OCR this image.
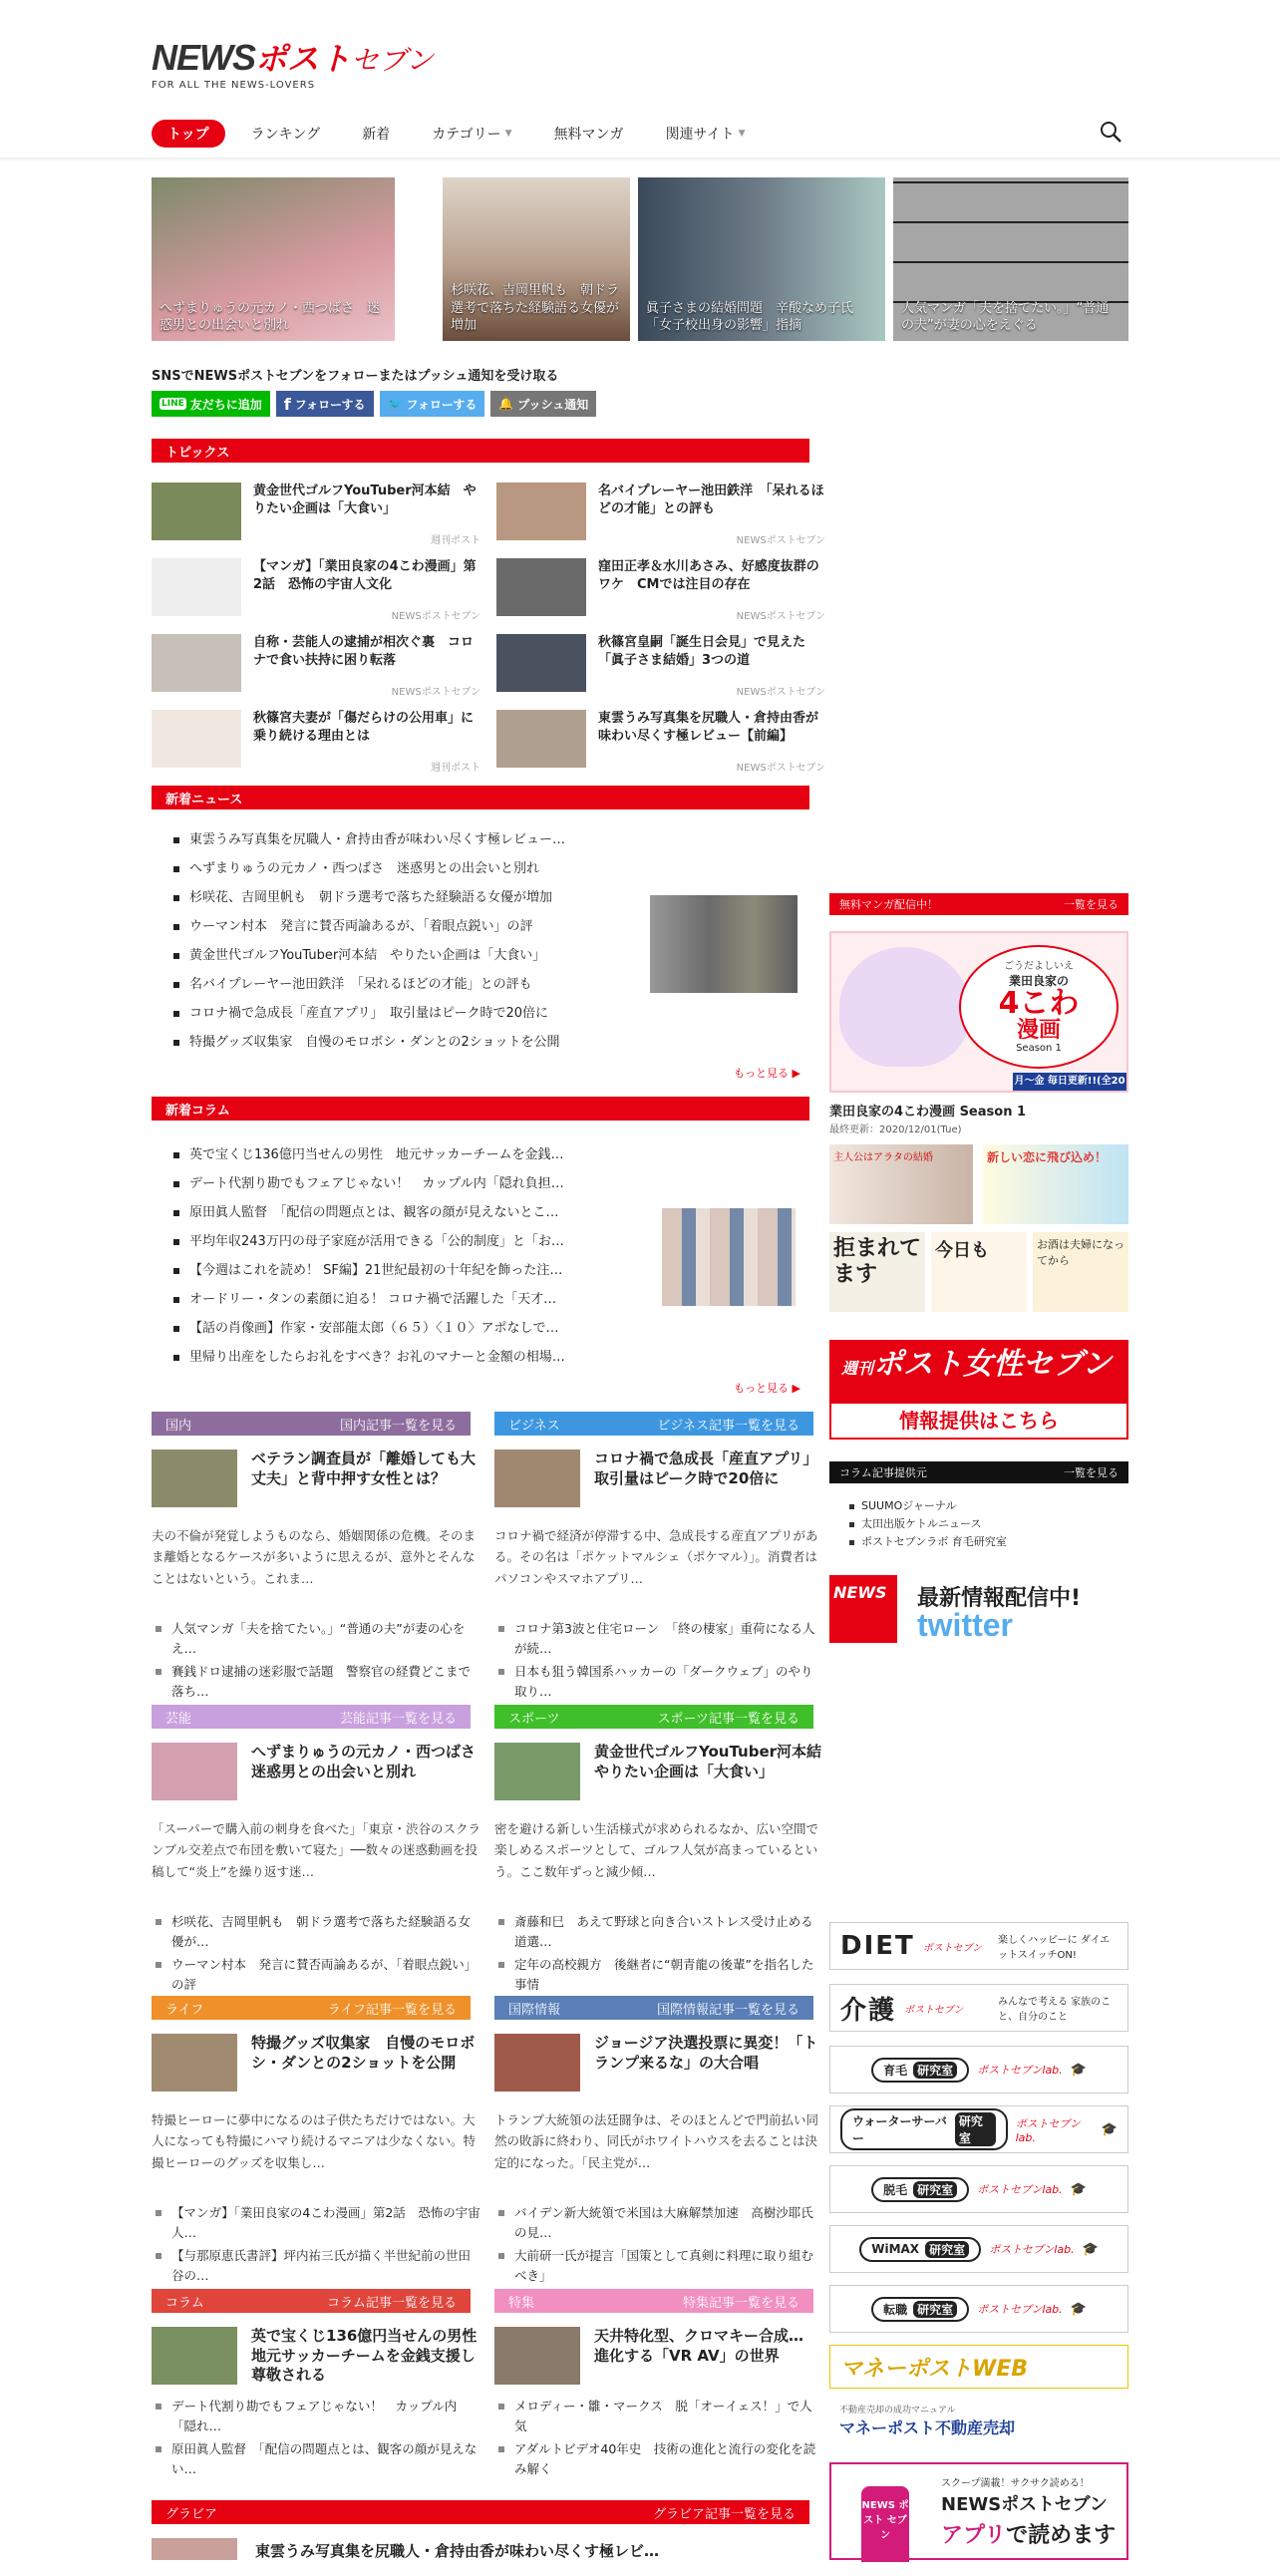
NEWSポストセブン
FOR ALL THE NEWS-LOVERS
トップ	ランキング	新着	カテゴリー ▼	無料マンガ	関連サイト ▼
へずまりゅうの元カノ・西つばさ　迷惑男との出会いと別れ
杉咲花、吉岡里帆も　朝ドラ選考で落ちた経験語る女優が増加
眞子さまの結婚問題　辛酸なめ子氏「女子校出身の影響」指摘
人気マンガ「夫を捨てたい。」“普通の夫”が妻の心をえぐる
SNSでNEWSポストセブンをフォローまたはプッシュ通知を受け取る
LINE 友だちに追加 f フォローする 🐦 フォローする 🔔 プッシュ通知
トピックス
黄金世代ゴルフYouTuber河本結　やりたい企画は「大食い」
週刊ポスト
名バイプレーヤー池田鉄洋　「呆れるほどの才能」との評も
NEWSポストセブン
【マンガ】「業田良家の4こわ漫画」第2話　恐怖の宇宙人文化
NEWSポストセブン
窪田正孝＆水川あさみ、好感度抜群のワケ　CMでは注目の存在
NEWSポストセブン
自称・芸能人の逮捕が相次ぐ裏　コロナで食い扶持に困り転落
NEWSポストセブン
秋篠宮皇嗣「誕生日会見」で見えた「眞子さま結婚」3つの道
NEWSポストセブン
秋篠宮夫妻が「傷だらけの公用車」に乗り続ける理由とは
週刊ポスト
東雲うみ写真集を尻職人・倉持由香が味わい尽くす極レビュー【前編】
NEWSポストセブン
新着ニュース
東雲うみ写真集を尻職人・倉持由香が味わい尽くす極レビュー…
へずまりゅうの元カノ・西つばさ　迷惑男との出会いと別れ
杉咲花、吉岡里帆も　朝ドラ選考で落ちた経験語る女優が増加
ウーマン村本　発言に賛否両論あるが、「着眼点鋭い」の評
黄金世代ゴルフYouTuber河本結　やりたい企画は「大食い」
名バイプレーヤー池田鉄洋　「呆れるほどの才能」との評も
コロナ禍で急成長「産直アプリ」　取引量はピーク時で20倍に
特撮グッズ収集家　自慢のモロボシ・ダンとの2ショットを公開
もっと見る ▶
新着コラム
英で宝くじ136億円当せんの男性　地元サッカーチームを金銭…
デート代割り勘でもフェアじゃない！　カップル内「隠れ負担…
原田眞人監督　「配信の問題点とは、観客の顔が見えないとこ…
平均年収243万円の母子家庭が活用できる「公的制度」と「お…
【今週はこれを読め！ SF編】21世紀最初の十年紀を飾った注…
オードリー・タンの素顔に迫る！ コロナ禍で活躍した「天才…
【話の肖像画】作家・安部龍太郎（６５）〈１０〉アポなしで…
里帰り出産をしたらお礼をすべき？お礼のマナーと金額の相場…
もっと見る ▶
国内	国内記事一覧を見る
ベテラン調査員が「離婚しても大丈夫」と背中押す女性とは？
夫の不倫が発覚しようものなら、婚姻関係の危機。そのまま離婚となるケースが多いように思えるが、意外とそんなことはないという。これま…
人気マンガ「夫を捨てたい。」“普通の夫”が妻の心をえ…
賽銭ドロ逮捕の迷彩服で話題　警察官の経費どこまで落ち…
ビジネス	ビジネス記事一覧を見る
コロナ禍で急成長「産直アプリ」　取引量はピーク時で20倍に
コロナ禍で経済が停滞する中、急成長する産直アプリがある。その名は「ポケットマルシェ（ポケマル）」。消費者はパソコンやスマホアプリ…
コロナ第3波と住宅ローン　「終の棲家」重荷になる人が続…
日本も狙う韓国系ハッカーの「ダークウェブ」のやり取り…
芸能	芸能記事一覧を見る
へずまりゅうの元カノ・西つばさ　迷惑男との出会いと別れ
「スーパーで購入前の刺身を食べた」「東京・渋谷のスクランブル交差点で布団を敷いて寝た」──数々の迷惑動画を投稿して“炎上”を繰り返す迷…
杉咲花、吉岡里帆も　朝ドラ選考で落ちた経験語る女優が…
ウーマン村本　発言に賛否両論あるが、「着眼点鋭い」の評
スポーツ	スポーツ記事一覧を見る
黄金世代ゴルフYouTuber河本結　やりたい企画は「大食い」
密を避ける新しい生活様式が求められるなか、広い空間で楽しめるスポーツとして、ゴルフ人気が高まっているという。ここ数年ずっと減少傾…
斎藤和巳　あえて野球と向き合いストレス受け止める道選…
定年の高校親方　後継者に“朝青龍の後輩”を指名した事情
ライフ	ライフ記事一覧を見る
特撮グッズ収集家　自慢のモロボシ・ダンとの2ショットを公開
特撮ヒーローに夢中になるのは子供たちだけではない。大人になっても特撮にハマり続けるマニアは少なくない。特撮ヒーローのグッズを収集し…
【マンガ】「業田良家の4こわ漫画」第2話　恐怖の宇宙人…
【与那原恵氏書評】坪内祐三氏が描く半世紀前の世田谷の…
国際情報	国際情報記事一覧を見る
ジョージア決選投票に異変！「トランプ来るな」の大合唱
トランプ大統領の法廷闘争は、そのほとんどで門前払い同然の敗訴に終わり、同氏がホワイトハウスを去ることは決定的になった。「民主党が…
バイデン新大統領で米国は大麻解禁加速　高樹沙耶氏の見…
大前研一氏が提言「国策として真剣に料理に取り組むべき」
コラム	コラム記事一覧を見る
英で宝くじ136億円当せんの男性　地元サッカーチームを金銭支援し尊敬される
デート代割り勘でもフェアじゃない！　カップル内「隠れ…
原田眞人監督　「配信の問題点とは、観客の顔が見えない…
特集	特集記事一覧を見る
天井特化型、クロマキー合成…　進化する「VR AV」の世界
メロディー・雛・マークス　脱「オーイェス！」で人気
アダルトビデオ40年史　技術の進化と流行の変化を読み解く
グラビア	グラビア記事一覧を見る
東雲うみ写真集を尻職人・倉持由香が味わい尽くす極レビ…
無料マンガ配信中！	一覧を見る
ごうだよしいえ
業田良家の
4こわ
漫画
Season 1
月～金 毎日更新!!(全20回)
業田良家の4こわ漫画 Season 1
最終更新：2020/12/01(Tue)
主人公はアラタの結婚	新しい恋に飛び込め！
拒まれてます
今日も	お酒は夫婦になってから
週刊ポスト女性セブン
情報提供はこちら
コラム記事提供元	一覧を見る
SUUMOジャーナル
太田出版ケトルニュース
ポストセブンラボ 育毛研究室
NEWS	最新情報配信中!
twitter
DIET ポストセブン
楽しくハッピーに ダイエットスイッチON!
介護 ポストセブン
みんなで考える 家族のこと、自分のこと
育毛 研究室	ポストセブンlab. 🎓
ウォーターサーバー
研究室
ポストセブンlab.
🎓
脱毛 研究室	ポストセブンlab. 🎓
WiMAX 研究室	ポストセブンlab. 🎓
転職 研究室	ポストセブンlab. 🎓
マネーポストWEB
不動産売却の成功マニュアル
マネーポスト不動産売却
NEWS ポスト セブン
スクープ満載！サクサク読める！
NEWSポストセブン
アプリで読めます
